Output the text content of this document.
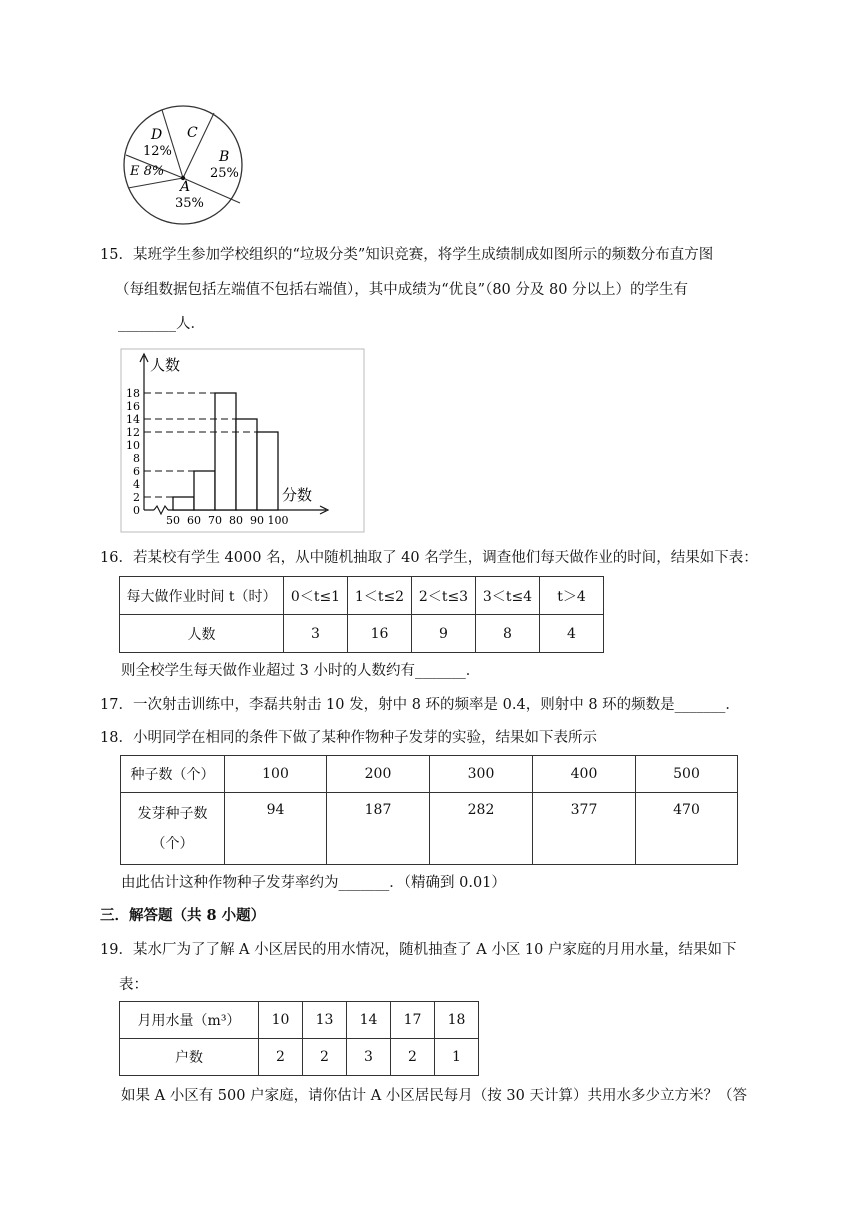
D
12%
C
B
25%
E 8%
A
35%
15．某班学生参加学校组织的“垃圾分类”知识竞赛，将学生成绩制成如图所示的频数分布直方图
（每组数据包括左端值不包括右端值），其中成绩为“优良”（80 分及 80 分以上）的学生有
________人．
人数
分数
0
2
4
6
8
10
12
14
16
18
50 60 70 80 90 100
16．若某校有学生 4000 名，从中随机抽取了 40 名学生，调查他们每天做作业的时间，结果如下表：
每大做作业时间 t（时）	0＜t≤1	1＜t≤2	2＜t≤3	3＜t≤4	t＞4
人数	3	16	9	8	4
则全校学生每天做作业超过 3 小时的人数约有_______．
17．一次射击训练中，李磊共射击 10 发，射中 8 环的频率是 0.4，则射中 8 环的频数是_______．
18．小明同学在相同的条件下做了某种作物种子发芽的实验，结果如下表所示
种子数（个）	100	200	300	400	500

发芽种子数
（个）	94	187	282	377	470
由此估计这种作物种子发芽率约为_______．（精确到 0.01）
三．解答题（共 8 小题）
19．某水厂为了了解 A 小区居民的用水情况，随机抽查了 A 小区 10 户家庭的月用水量，结果如下
表：
月用水量（m³）	10	13	14	17	18
户数	2	2	3	2	1
如果 A 小区有 500 户家庭，请你估计 A 小区居民每月（按 30 天计算）共用水多少立方米？（答
